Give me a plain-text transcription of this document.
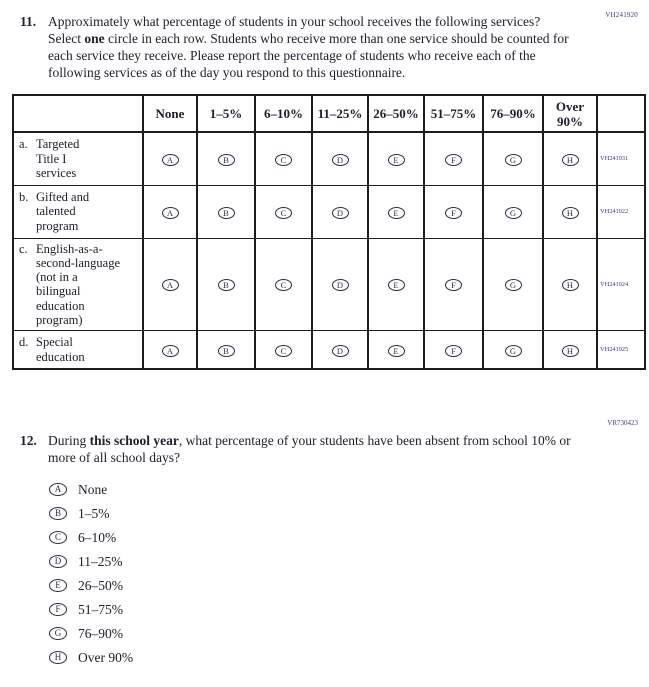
VH241920
11. Approximately what percentage of students in your school receives the following services? Select one circle in each row. Students who receive more than one service should be counted for each service they receive. Please report the percentage of students who receive each of the following services as of the day you respond to this questionnaire.
	None	1–5%	6–10%	11–25%	26–50%	51–75%	76–90%	Over 90%	

a. Targeted
Title I
services	A	B	C	D	E	F	G	H	VH241931

b. Gifted and
talented
program	A	B	C	D	E	F	G	H	VH241922

c. English-as-a-
second-language
(not in a
bilingual
education
program)
	A	B	C	D	E	F	G	H	VH241924

d. Special
education	A	B	C	D	E	F	G	H	VH241925
VR730423
12. During this school year, what percentage of your students have been absent from school 10% or more of all school days?
A	None
B	1–5%
C	6–10%
D	11–25%
E	26–50%
F	51–75%
G	76–90%
H	Over 90%
